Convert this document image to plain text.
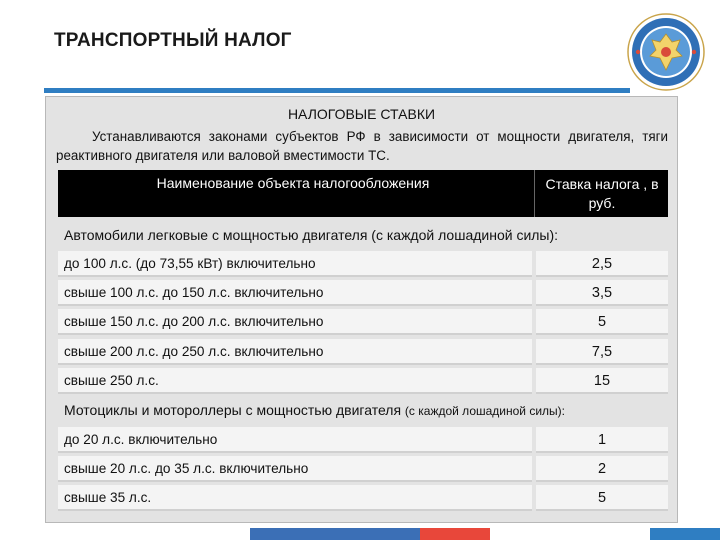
ТРАНСПОРТНЫЙ НАЛОГ
НАЛОГОВЫЕ СТАВКИ
Устанавливаются законами субъектов РФ в зависимости от мощности двигателя, тяги реактивного двигателя или валовой вместимости ТС.
Наименование объекта налогообложения	Ставка налога , в руб.
Автомобили легковые с мощностью двигателя (с каждой лошадиной силы):
до 100 л.с. (до 73,55 кВт) включительно	2,5
свыше 100 л.с. до 150 л.с. включительно	3,5
свыше 150 л.с. до 200 л.с. включительно	5
свыше 200 л.с. до 250 л.с. включительно	7,5
свыше 250 л.с.	15
Мотоциклы и мотороллеры с мощностью двигателя (с каждой лошадиной силы):
до 20 л.с. включительно	1
свыше 20 л.с. до 35 л.с. включительно	2
свыше 35 л.с.	5
